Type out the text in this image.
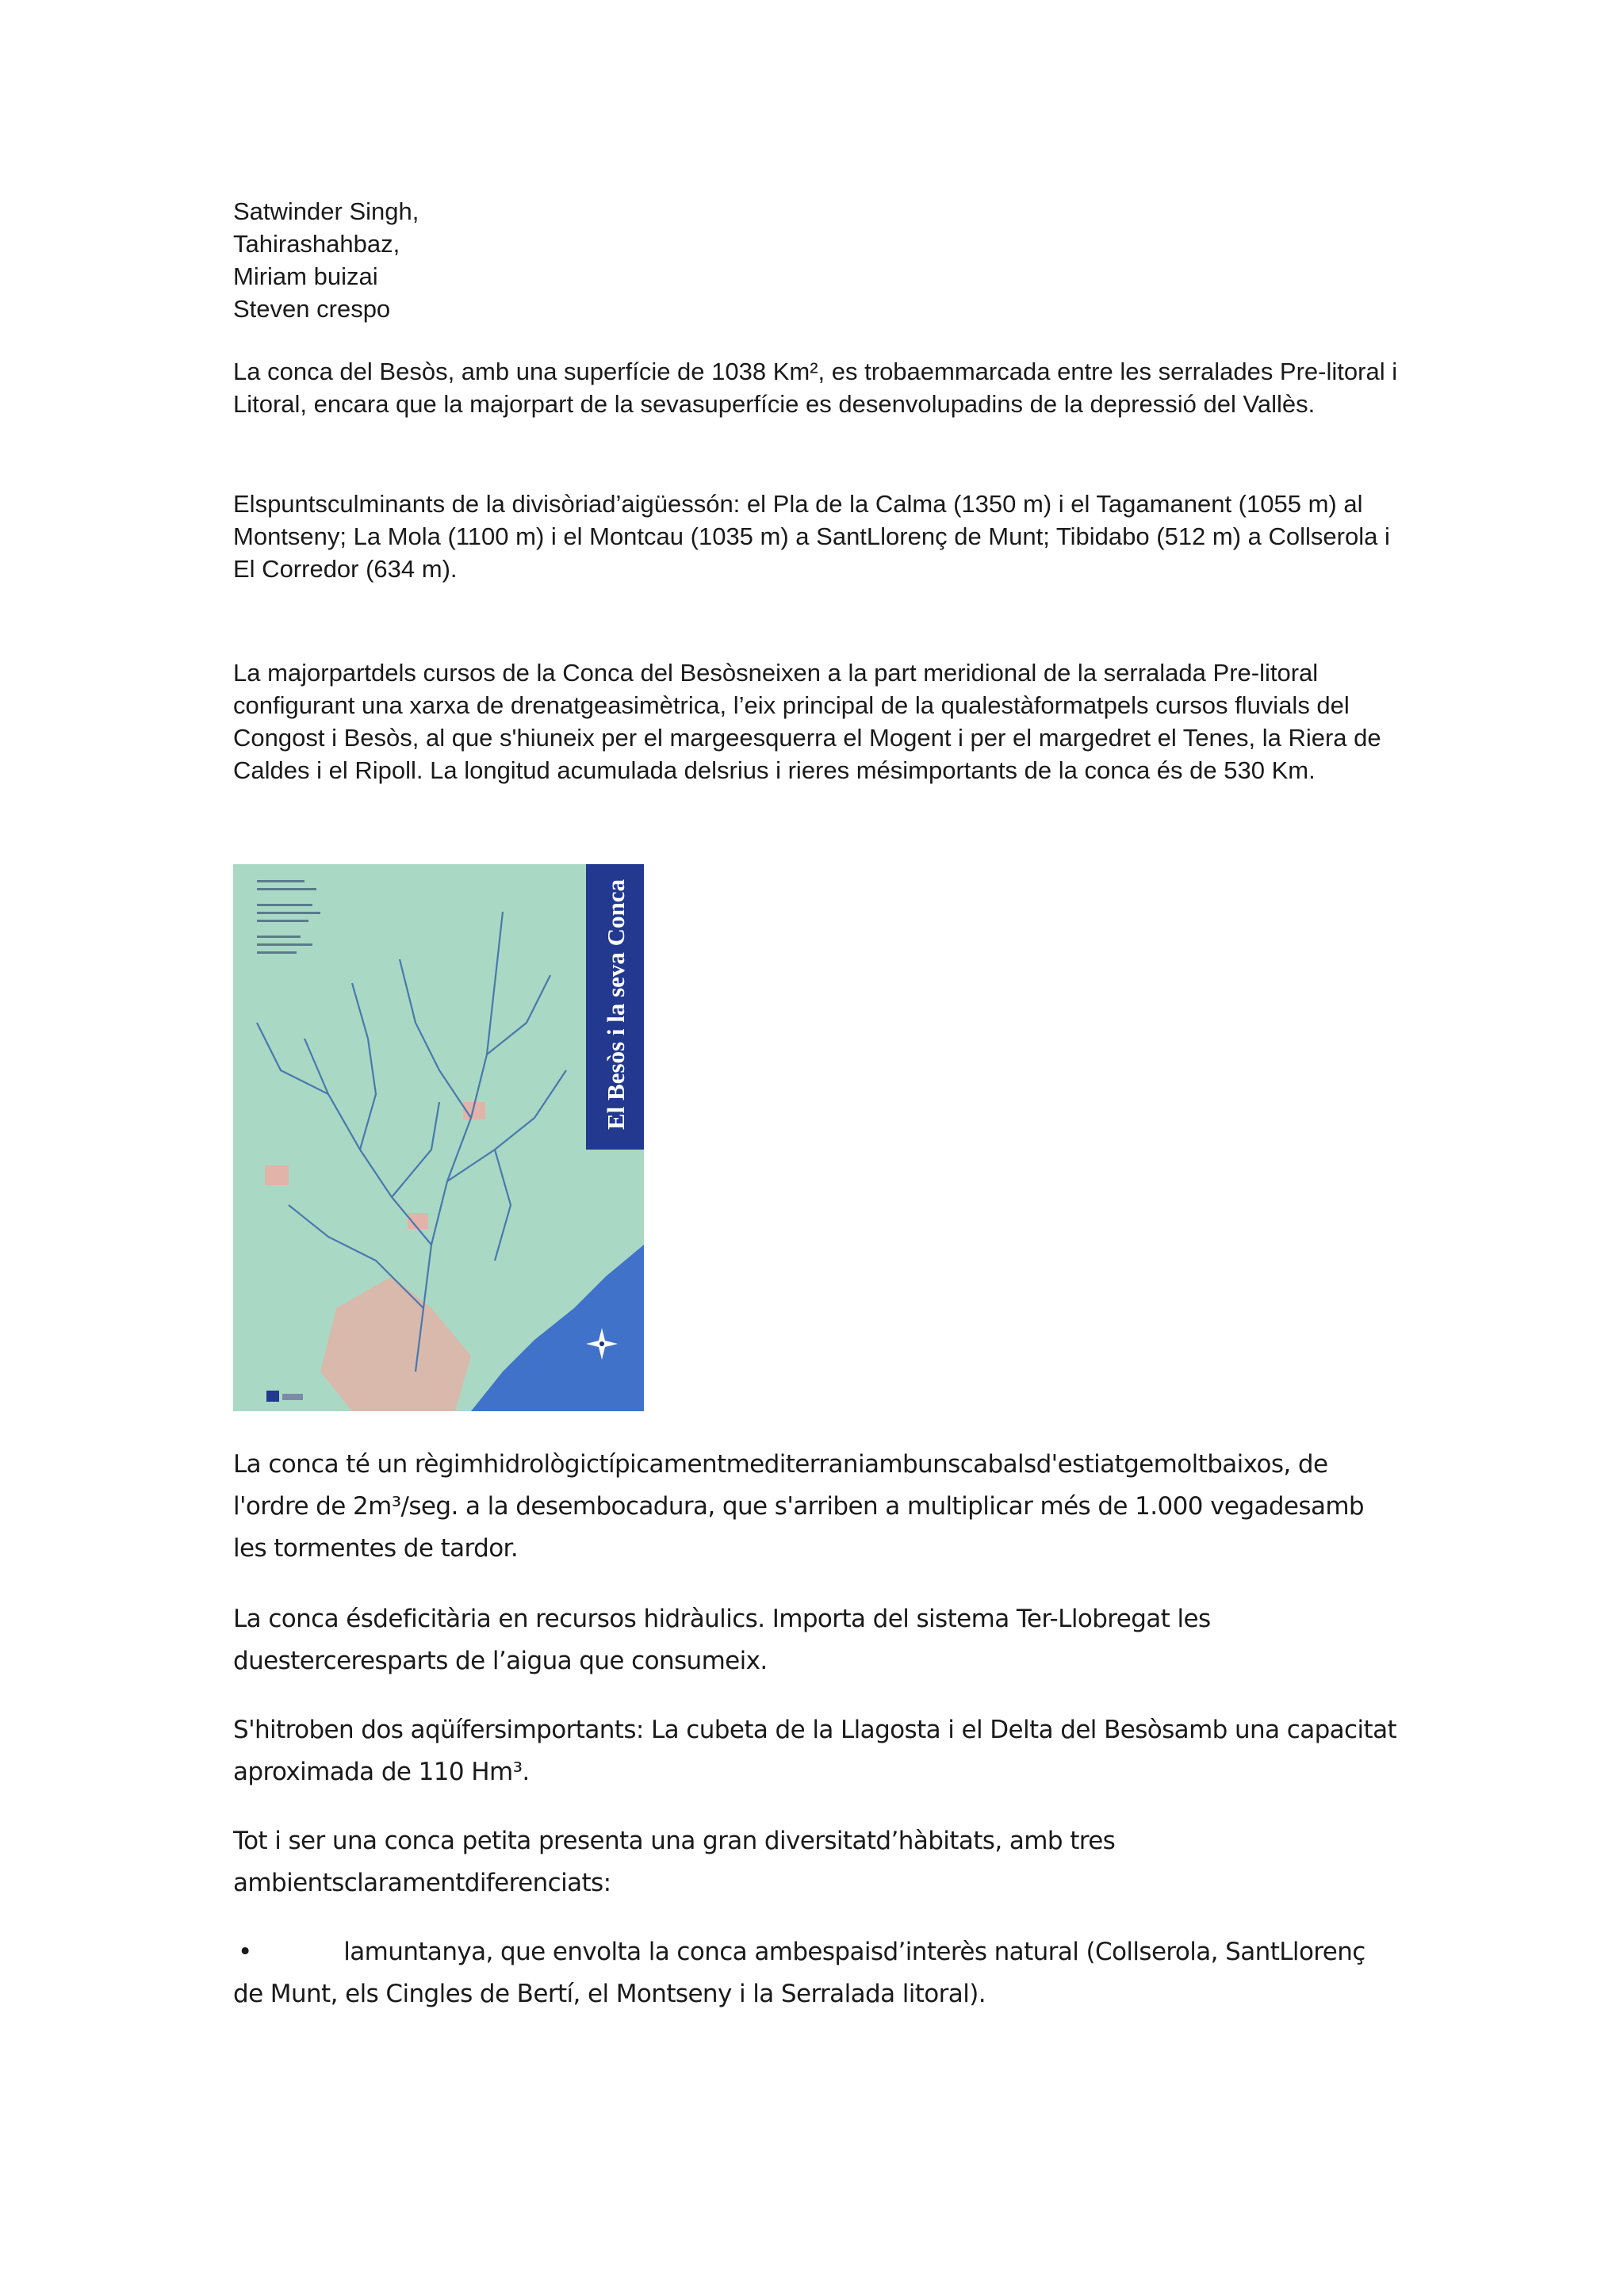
Satwinder Singh,
Tahirashahbaz,
Miriam buizai
Steven crespo

La conca del Besòs, amb una superfície de 1038 Km², es trobaemmarcada entre les serralades Pre-litoral i Litoral, encara que la majorpart de la sevasuperfície es desenvolupadins de la depressió del Vallès.

Elspuntsculminants de la divisòriad’aigüessón: el Pla de la Calma (1350 m) i el Tagamanent (1055 m) al Montseny; La Mola (1100 m) i el Montcau (1035 m) a SantLlorenç de Munt; Tibidabo (512 m) a Collserola i El Corredor (634 m).

La majorpartdels cursos de la Conca del Besòsneixen a la part meridional de la serralada Pre-litoral configurant una xarxa de drenatgeasimètrica, l’eix principal de la qualestàformatpels cursos fluvials del Congost i Besòs, al que s'hiuneix per el margeesquerra el Mogent i per el margedret el Tenes, la Riera de Caldes i el Ripoll. La longitud acumulada delsrius i rieres mésimportants de la conca és de 530 Km.

El Besòs i la seva Conca

La conca té un règimhidrològictípicamentmediterraniambunscabalsd'estiatgemoltbaixos, de l'ordre de 2m³/seg. a la desembocadura, que s'arriben a multiplicar més de 1.000 vegadesamb les tormentes de tardor.

La conca ésdeficitària en recursos hidràulics. Importa del sistema Ter-Llobregat les duesterceresparts de l’aigua que consumeix.

S'hitroben dos aqüífersimportants: La cubeta de la Llagosta i el Delta del Besòsamb una capacitat aproximada de 110 Hm³.

Tot i ser una conca petita presenta una gran diversitatd’hàbitats, amb tres ambientsclaramentdiferenciats:

•	lamuntanya, que envolta la conca ambespaisd’interès natural (Collserola, SantLlorenç de Munt, els Cingles de Bertí, el Montseny i la Serralada litoral).
